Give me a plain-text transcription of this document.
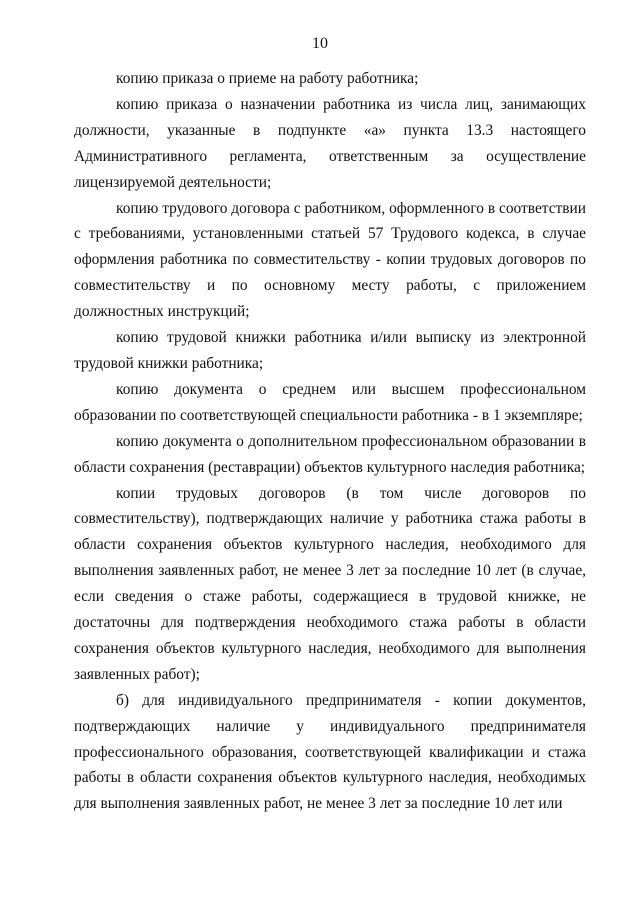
10

копию приказа о приеме на работу работника;

копию приказа о назначении работника из числа лиц, занимающих должности, указанные в подпункте «а» пункта 13.3 настоящего Административного регламента, ответственным за осуществление лицензируемой деятельности;

копию трудового договора с работником, оформленного в соответствии с требованиями, установленными статьей 57 Трудового кодекса, в случае оформления работника по совместительству - копии трудовых договоров по совместительству и по основному месту работы, с приложением должностных инструкций;

копию трудовой книжки работника и/или выписку из электронной трудовой книжки работника;

копию документа о среднем или высшем профессиональном образовании по соответствующей специальности работника - в 1 экземпляре;

копию документа о дополнительном профессиональном образовании в области сохранения (реставрации) объектов культурного наследия работника;

копии трудовых договоров (в том числе договоров по совместительству), подтверждающих наличие у работника стажа работы в области сохранения объектов культурного наследия, необходимого для выполнения заявленных работ, не менее 3 лет за последние 10 лет (в случае, если сведения о стаже работы, содержащиеся в трудовой книжке, не достаточны для подтверждения необходимого стажа работы в области сохранения объектов культурного наследия, необходимого для выполнения заявленных работ);

б) для индивидуального предпринимателя - копии документов, подтверждающих наличие у индивидуального предпринимателя профессионального образования, соответствующей квалификации и стажа работы в области сохранения объектов культурного наследия, необходимых для выполнения заявленных работ, не менее 3 лет за последние 10 лет или
